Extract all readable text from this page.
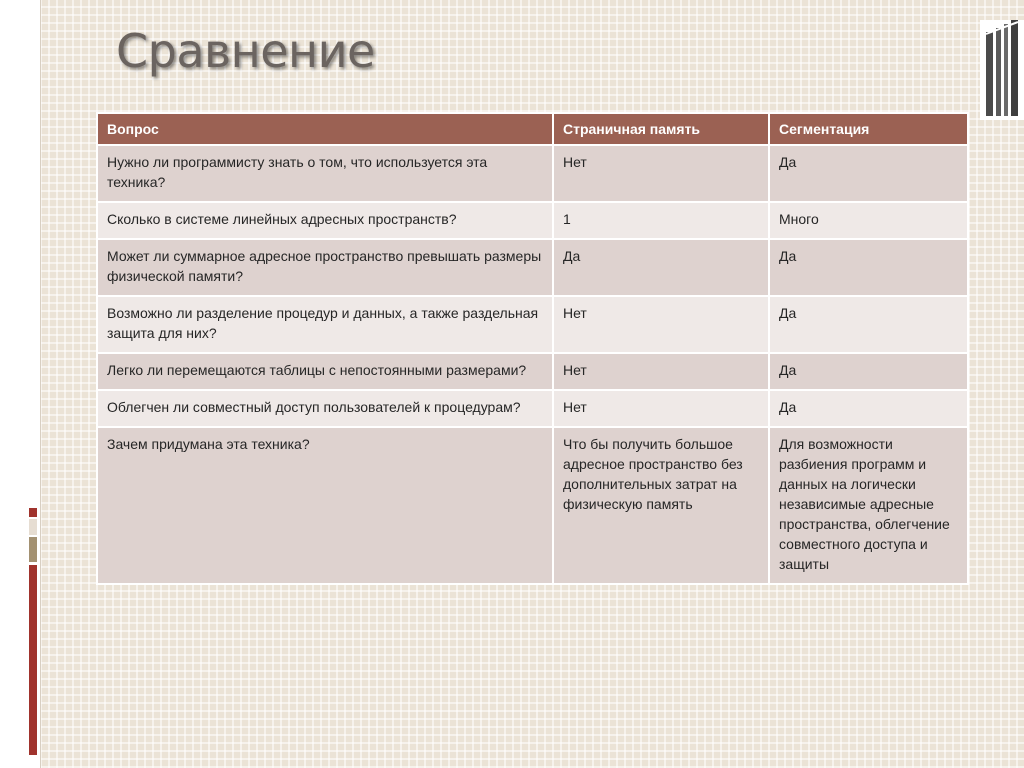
Сравнение
Вопрос	Страничная память	Сегментация
Нужно ли программисту знать о том, что используется эта техника?	Нет	Да
Сколько в системе линейных адресных пространств?	1	Много
Может ли суммарное адресное пространство превышать размеры физической памяти?	Да	Да
Возможно ли разделение процедур и данных, а также раздельная защита для них?	Нет	Да
Легко ли перемещаются таблицы с непостоянными размерами?	Нет	Да
Облегчен ли совместный доступ пользователей к процедурам?	Нет	Да
Зачем придумана эта техника?	Что бы получить большое адресное пространство без дополнительных затрат на физическую память	Для возможности разбиения программ и данных на логически независимые адресные пространства, облегчение совместного доступа и защиты
